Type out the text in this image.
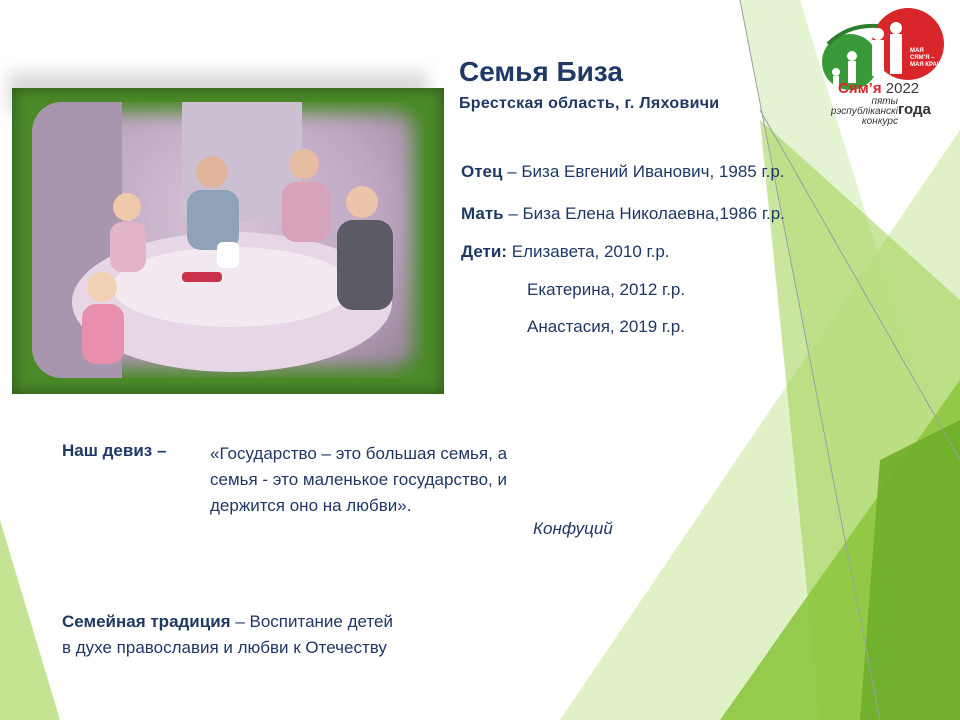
Семья Биза
Брестская область, г. Ляховичи
Отец – Биза Евгений Иванович, 1985 г.р.
Мать – Биза Елена Николаевна,1986 г.р.
Дети: Елизавета, 2010 г.р.
Екатерина, 2012 г.р.
Анастасия, 2019 г.р.
Наш девиз –	«Государство – это большая семья, а
семья - это маленькое государство, и
держится оно на любви».
Конфуций
Семейная традиция – Воспитание детей
в духе православия и любви к Отечеству
МАЯ
СЯМ’Я –
МАЯ КРАІНА
Сям’я 2022
пяты
рэспубліканскі
конкурс
года
